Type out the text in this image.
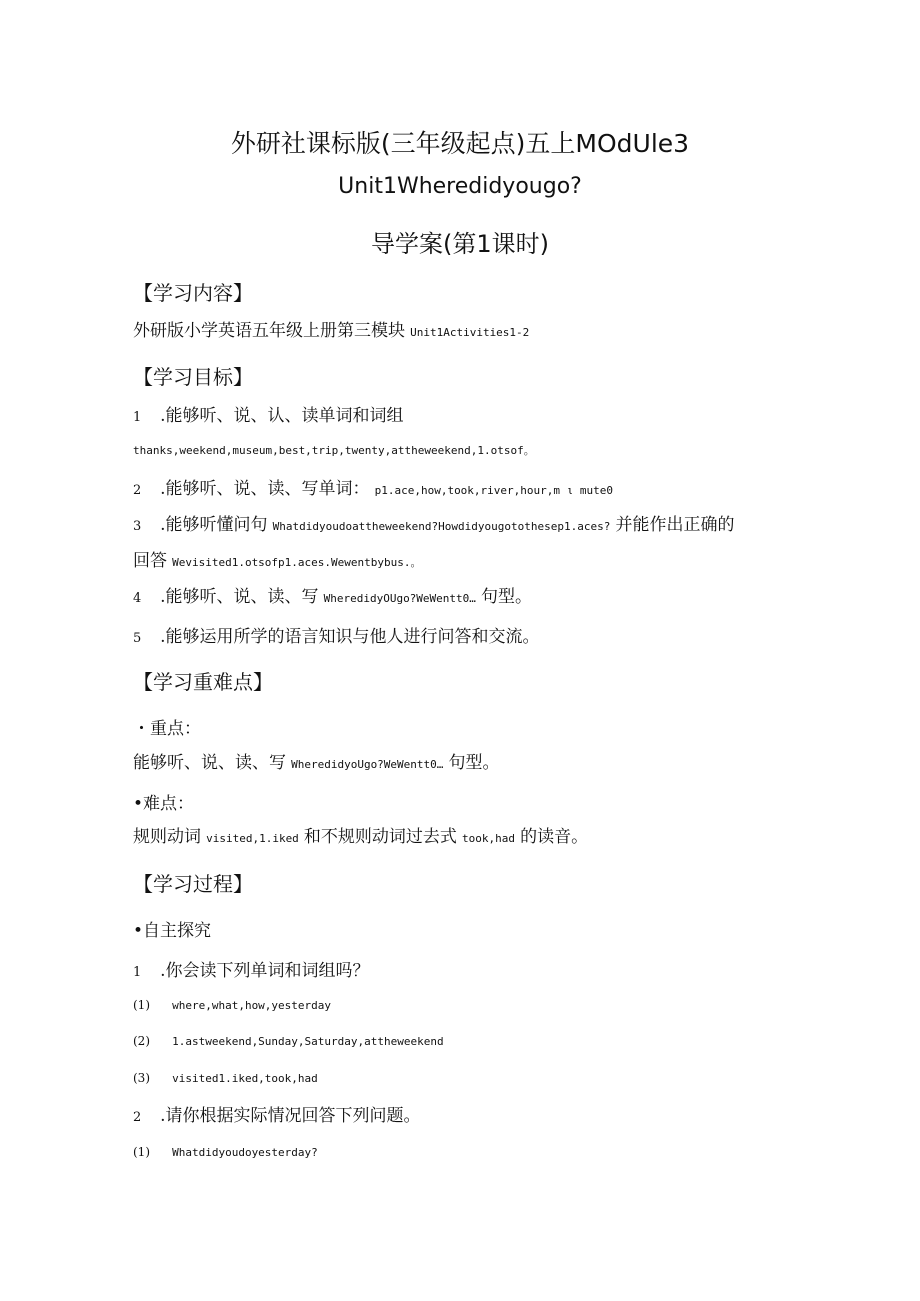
外研社课标版(三年级起点)五上MOdUle3
Unit1Wheredidyougo?
导学案(第1课时)
【学习内容】
外研版小学英语五年级上册第三模块 Unit1Activities1-2
【学习目标】
1 .能够听、说、认、读单词和词组
thanks,weekend,museum,best,trip,twenty,attheweekend,1.otsof。
2 .能够听、说、读、写单词： p1.ace,how,took,river,hour,m ι mute0
3 .能够听懂问句 Whatdidyoudoattheweekend?Howdidyougotothesep1.aces? 并能作出正确的
回答 Wevisited1.otsofp1.aces.Wewentbybus.。
4 .能够听、说、读、写 WheredidyOUgo?WeWentt0… 句型。
5 .能够运用所学的语言知识与他人进行问答和交流。
【学习重难点】
・重点：
能够听、说、读、写 WheredidyoUgo?WeWentt0… 句型。
•难点：
规则动词 visited,1.iked 和不规则动词过去式 took,had 的读音。
【学习过程】
•自主探究
1 .你会读下列单词和词组吗？
(1) where,what,how,yesterday
(2) 1.astweekend,Sunday,Saturday,attheweekend
(3) visited1.iked,took,had
2 .请你根据实际情况回答下列问题。
(1) Whatdidyoudoyesterday?
